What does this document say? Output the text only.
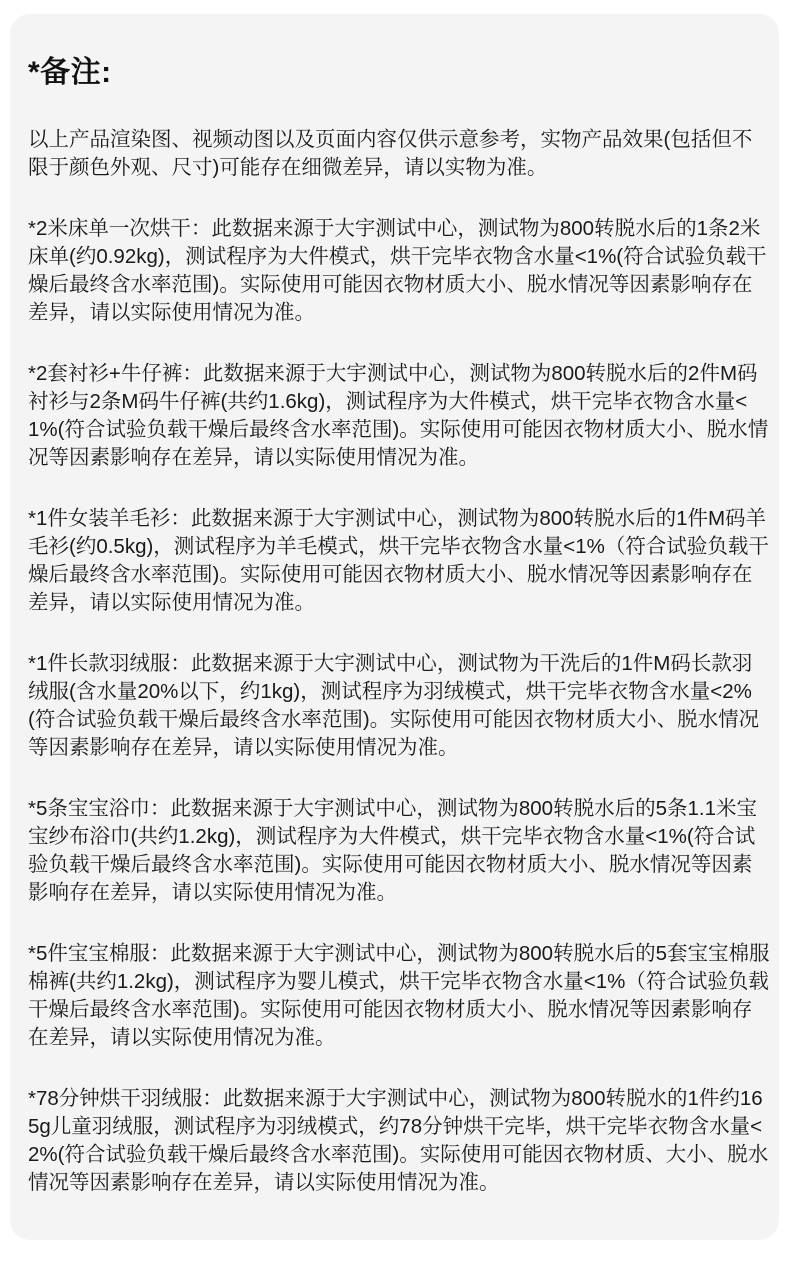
*备注:

以上产品渲染图、视频动图以及页面内容仅供示意参考，实物产品效果(包括但不限于颜色外观、尺寸)可能存在细微差异，请以实物为准。

*2米床单一次烘干：此数据来源于大宇测试中心，测试物为800转脱水后的1条2米床单(约0.92kg)，测试程序为大件模式，烘干完毕衣物含水量<1%(符合试验负载干燥后最终含水率范围)。实际使用可能因衣物材质大小、脱水情况等因素影响存在差异，请以实际使用情况为准。

*2套衬衫+牛仔裤：此数据来源于大宇测试中心，测试物为800转脱水后的2件M码衬衫与2条M码牛仔裤(共约1.6kg)，测试程序为大件模式，烘干完毕衣物含水量<1%(符合试验负载干燥后最终含水率范围)。实际使用可能因衣物材质大小、脱水情况等因素影响存在差异，请以实际使用情况为准。

*1件女装羊毛衫：此数据来源于大宇测试中心，测试物为800转脱水后的1件M码羊毛衫(约0.5kg)，测试程序为羊毛模式，烘干完毕衣物含水量<1%（符合试验负载干燥后最终含水率范围)。实际使用可能因衣物材质大小、脱水情况等因素影响存在差异，请以实际使用情况为准。

*1件长款羽绒服：此数据来源于大宇测试中心，测试物为干洗后的1件M码长款羽绒服(含水量20%以下，约1kg)，测试程序为羽绒模式，烘干完毕衣物含水量<2%(符合试验负载干燥后最终含水率范围)。实际使用可能因衣物材质大小、脱水情况等因素影响存在差异，请以实际使用情况为准。

*5条宝宝浴巾：此数据来源于大宇测试中心，测试物为800转脱水后的5条1.1米宝宝纱布浴巾(共约1.2kg)，测试程序为大件模式，烘干完毕衣物含水量<1%(符合试验负载干燥后最终含水率范围)。实际使用可能因衣物材质大小、脱水情况等因素影响存在差异，请以实际使用情况为准。

*5件宝宝棉服：此数据来源于大宇测试中心，测试物为800转脱水后的5套宝宝棉服棉裤(共约1.2kg)，测试程序为婴儿模式，烘干完毕衣物含水量<1%（符合试验负载干燥后最终含水率范围)。实际使用可能因衣物材质大小、脱水情况等因素影响存在差异，请以实际使用情况为准。

*78分钟烘干羽绒服：此数据来源于大宇测试中心，测试物为800转脱水的1件约165g儿童羽绒服，测试程序为羽绒模式，约78分钟烘干完毕，烘干完毕衣物含水量<2%(符合试验负载干燥后最终含水率范围)。实际使用可能因衣物材质、大小、脱水情况等因素影响存在差异，请以实际使用情况为准。
